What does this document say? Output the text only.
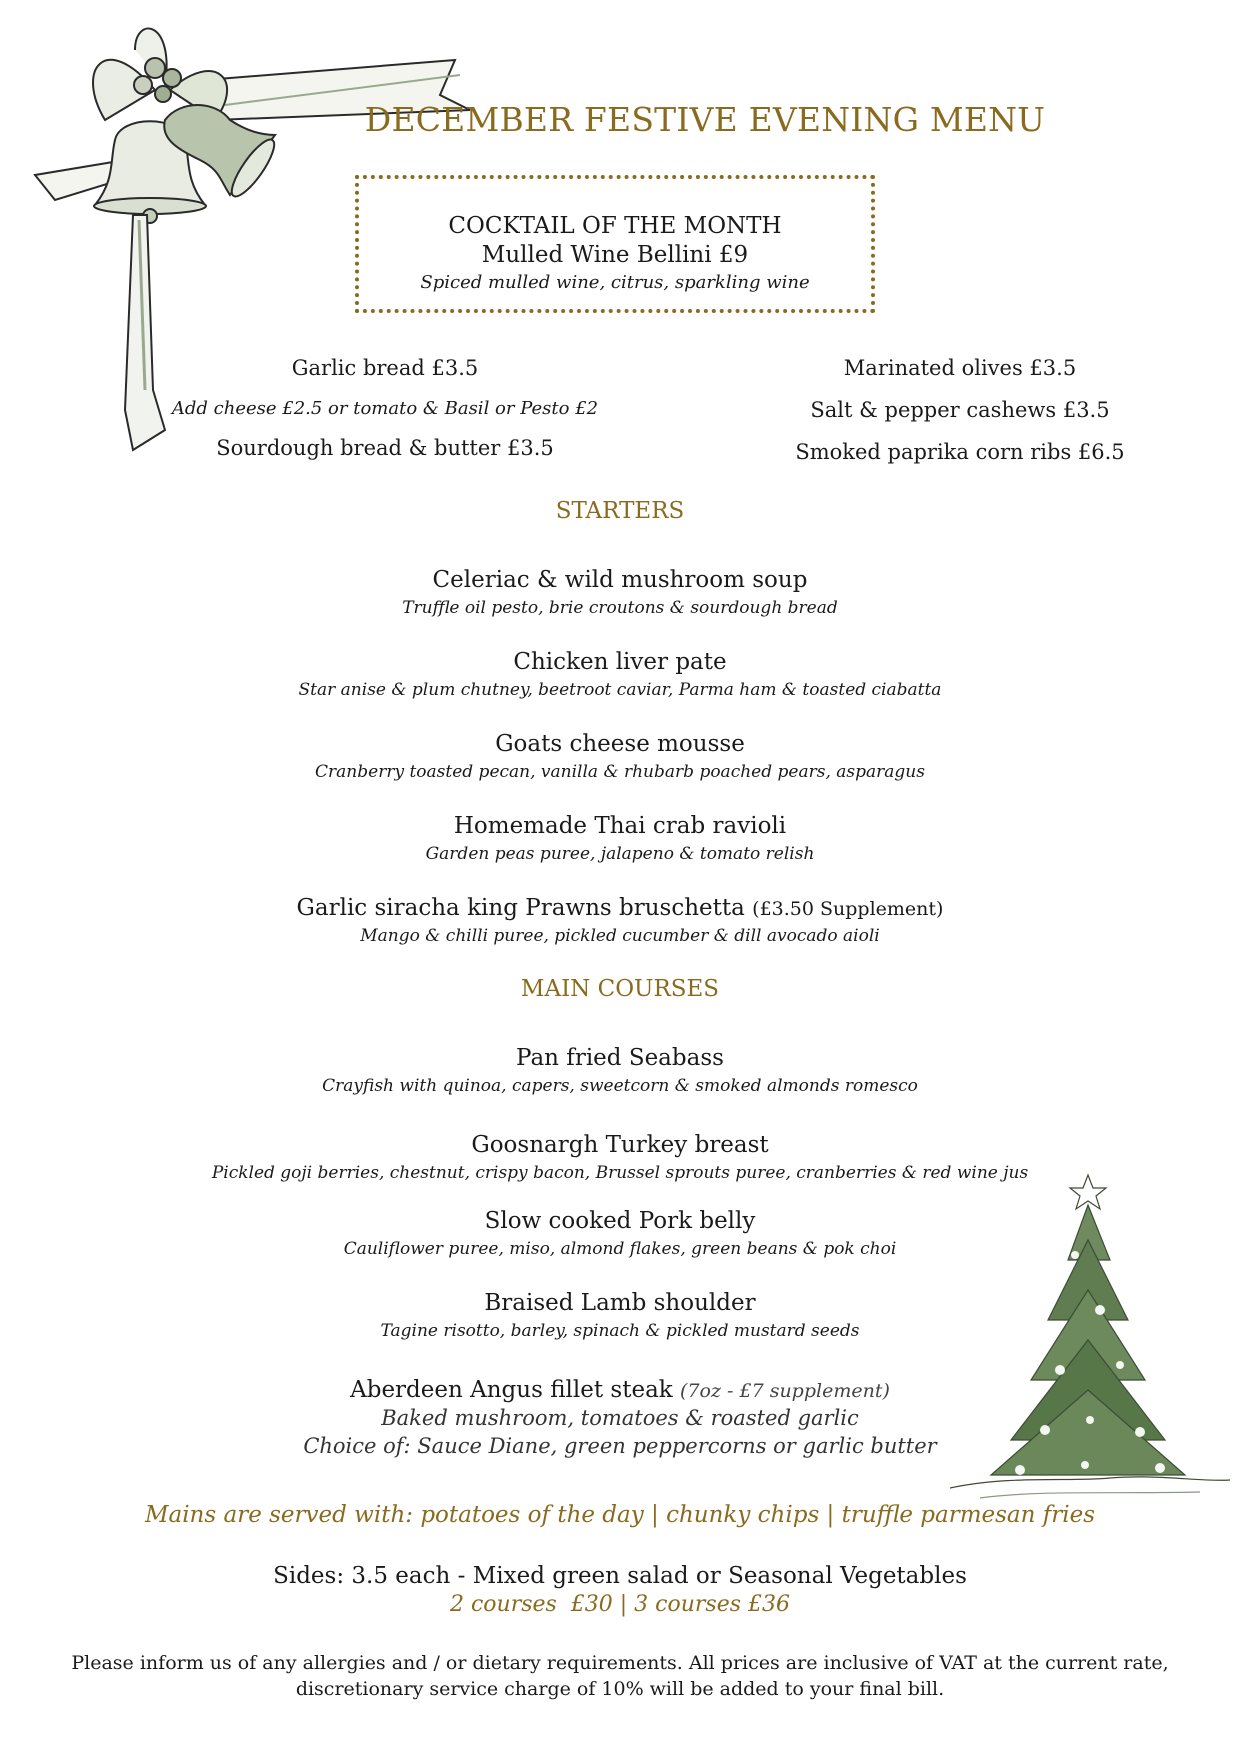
DECEMBER FESTIVE EVENING MENU
COCKTAIL OF THE MONTH
Mulled Wine Bellini £9
Spiced mulled wine, citrus, sparkling wine
Garlic bread £3.5
Add cheese £2.5 or tomato & Basil or Pesto £2
Sourdough bread & butter £3.5
Marinated olives £3.5
Salt & pepper cashews £3.5
Smoked paprika corn ribs £6.5
STARTERS
Celeriac & wild mushroom soup
Truffle oil pesto, brie croutons & sourdough bread
Chicken liver pate
Star anise & plum chutney, beetroot caviar, Parma ham & toasted ciabatta
Goats cheese mousse
Cranberry toasted pecan, vanilla & rhubarb poached pears, asparagus
Homemade Thai crab ravioli
Garden peas puree, jalapeno & tomato relish
Garlic siracha king Prawns bruschetta (£3.50 Supplement)
Mango & chilli puree, pickled cucumber & dill avocado aioli
MAIN COURSES
Pan fried Seabass
Crayfish with quinoa, capers, sweetcorn & smoked almonds romesco
Goosnargh Turkey breast
Pickled goji berries, chestnut, crispy bacon, Brussel sprouts puree, cranberries & red wine jus
Slow cooked Pork belly
Cauliflower puree, miso, almond flakes, green beans & pok choi
Braised Lamb shoulder
Tagine risotto, barley, spinach & pickled mustard seeds
Aberdeen Angus fillet steak (7oz - £7 supplement)
Baked mushroom, tomatoes & roasted garlic
Choice of: Sauce Diane, green peppercorns or garlic butter
Mains are served with: potatoes of the day | chunky chips | truffle parmesan fries
Sides: 3.5 each - Mixed green salad or Seasonal Vegetables
2 courses  £30 | 3 courses £36
Please inform us of any allergies and / or dietary requirements. All prices are inclusive of VAT at the current rate, discretionary service charge of 10% will be added to your final bill.
